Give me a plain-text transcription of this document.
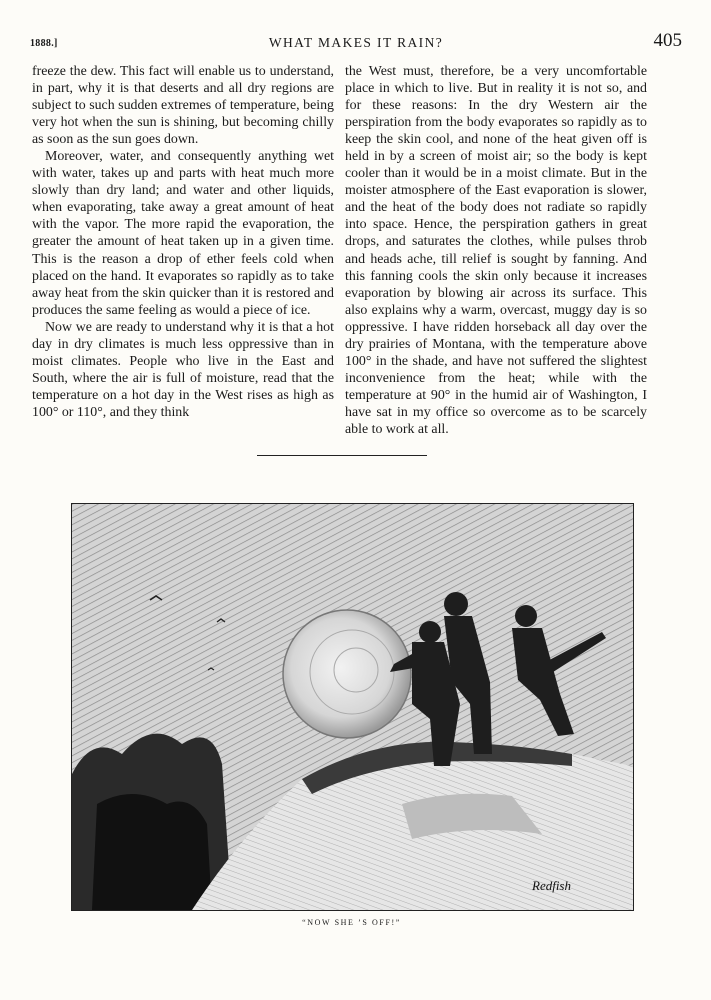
1888.]	WHAT MAKES IT RAIN?	405

freeze the dew. This fact will enable us to understand, in part, why it is that deserts and all dry regions are subject to such sudden extremes of temperature, being very hot when the sun is shining, but becoming chilly as soon as the sun goes down.

Moreover, water, and consequently anything wet with water, takes up and parts with heat much more slowly than dry land; and water and other liquids, when evaporating, take away a great amount of heat with the vapor. The more rapid the evaporation, the greater the amount of heat taken up in a given time. This is the reason a drop of ether feels cold when placed on the hand. It evaporates so rapidly as to take away heat from the skin quicker than it is restored and produces the same feeling as would a piece of ice.

Now we are ready to understand why it is that a hot day in dry climates is much less oppressive than in moist climates. People who live in the East and South, where the air is full of moisture, read that the temperature on a hot day in the West rises as high as 100° or 110°, and they think

the West must, therefore, be a very uncomfortable place in which to live. But in reality it is not so, and for these reasons: In the dry Western air the perspiration from the body evaporates so rapidly as to keep the skin cool, and none of the heat given off is held in by a screen of moist air; so the body is kept cooler than it would be in a moist climate. But in the moister atmosphere of the East evaporation is slower, and the heat of the body does not radiate so rapidly into space. Hence, the perspiration gathers in great drops, and saturates the clothes, while pulses throb and heads ache, till relief is sought by fanning. And this fanning cools the skin only because it increases evaporation by blowing air across its surface. This also explains why a warm, overcast, muggy day is so oppressive. I have ridden horseback all day over the dry prairies of Montana, with the temperature above 100° in the shade, and have not suffered the slightest inconvenience from the heat; while with the temperature at 90° in the humid air of Washington, I have sat in my office so overcome as to be scarcely able to work at all.

Redfish
“NOW SHE ’S OFF!”
